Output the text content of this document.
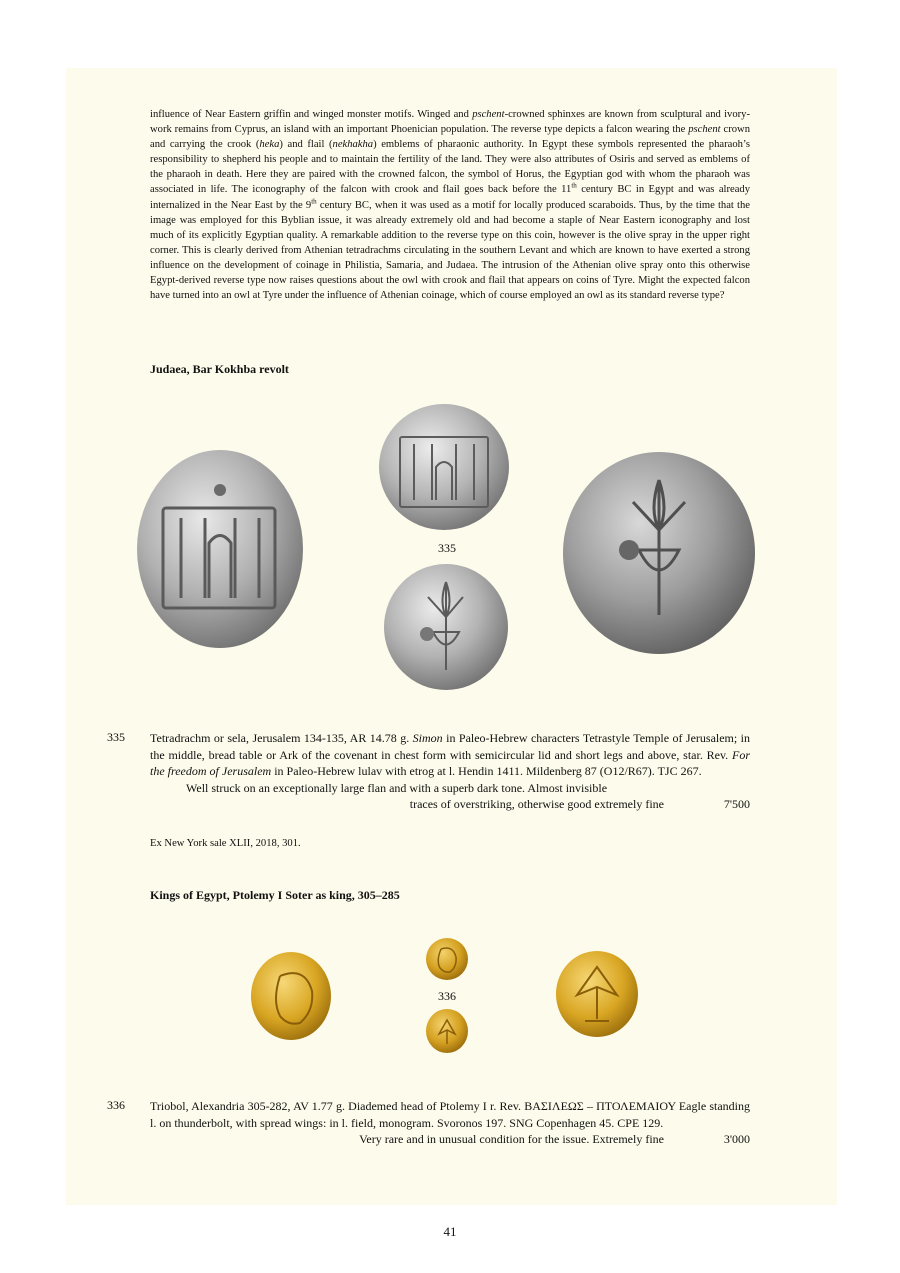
influence of Near Eastern griffin and winged monster motifs. Winged and pschent-crowned sphinxes are known from sculptural and ivory-work remains from Cyprus, an island with an important Phoenician population. The reverse type depicts a falcon wearing the pschent crown and carrying the crook (heka) and flail (nekhakha) emblems of pharaonic authority. In Egypt these symbols represented the pharaoh’s responsibility to shepherd his people and to maintain the fertility of the land. They were also attributes of Osiris and served as emblems of the pharaoh in death. Here they are paired with the crowned falcon, the symbol of Horus, the Egyptian god with whom the pharaoh was associated in life. The iconography of the falcon with crook and flail goes back before the 11th century BC in Egypt and was already internalized in the Near East by the 9th century BC, when it was used as a motif for locally produced scaraboids. Thus, by the time that the image was employed for this Byblian issue, it was already extremely old and had become a staple of Near Eastern iconography and lost much of its explicitly Egyptian quality. A remarkable addition to the reverse type on this coin, however is the olive spray in the upper right corner. This is clearly derived from Athenian tetradrachms circulating in the southern Levant and which are known to have exerted a strong influence on the development of coinage in Philistia, Samaria, and Judaea. The intrusion of the Athenian olive spray onto this otherwise Egypt-derived reverse type now raises questions about the owl with crook and flail that appears on coins of Tyre. Might the expected falcon have turned into an owl at Tyre under the influence of Athenian coinage, which of course employed an owl as its standard reverse type?

Judaea, Bar Kokhba revolt
335
335 Tetradrachm or sela, Jerusalem 134-135, AR 14.78 g. Simon in Paleo-Hebrew characters Tetrastyle Temple of Jerusalem; in the middle, bread table or Ark of the covenant in chest form with semicircular lid and short legs and above, star. Rev. For the freedom of Jerusalem in Paleo-Hebrew lulav with etrog at l. Hendin 1411. Mildenberg 87 (O12/R67). TJC 267.
Well struck on an exceptionally large flan and with a superb dark tone. Almost invisible
traces of overstriking, otherwise good extremely fine	7'500
Ex New York sale XLII, 2018, 301.
Kings of Egypt, Ptolemy I Soter as king, 305–285
336
336 Triobol, Alexandria 305-282, AV 1.77 g. Diademed head of Ptolemy I r. Rev. ΒΑΣΙΛΕΩΣ – ΠΤΟΛΕΜΑΙΟΥ Eagle standing l. on thunderbolt, with spread wings: in l. field, monogram. Svoronos 197. SNG Copenhagen 45. CPE 129.
Very rare and in unusual condition for the issue. Extremely fine	3'000
41
